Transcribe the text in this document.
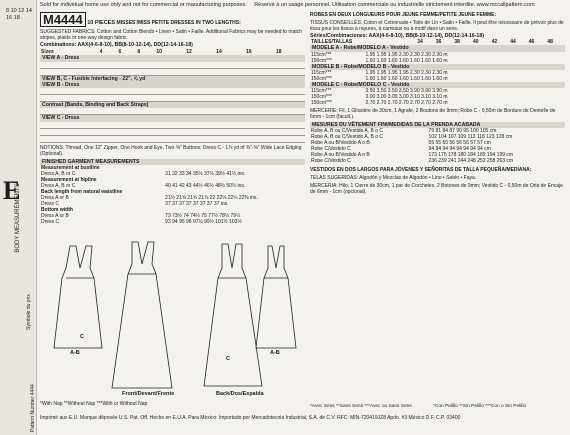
8 10 12 14 16 18
BODY MEASUREMENTS
E
Symbole du prix
Pattern Number 4444
Sold for individual home use only and not for commercial or manufacturing purposes. Réservé à un usage personnel. Utilisation commerciale ou industrielle strictement interdite. www.mccallpattern.com
M4444 10 PIECES MISSES'/MISS PETITE DRESSES IN TWO LENGTHS:
SUGGESTED FABRICS: Cotton and Cotton Blends • Linen • Satin • Faille. Additional Fabrics may be needed to match stripes, plaids or one-way design fabric.
Combinations: AAX(4-6-8-10), BB(8-10-12-14), DD(12-14-16-18)
Sizes	4	6	8	10	12	14	16	18
VIEW A - Dress
VIEW B, C - Fusible Interfacing - 22", ⅝ yd
VIEW B - Dress
Contrast (Bands, Binding and Back Straps)
VIEW C - Dress
NOTIONS: Thread, One 12" Zipper, One Hook and Eye, Two ⅝" Buttons; Dress C - 1⅞ yd of ⅜"-⅝" Wide Lace Edging (Optional).
FINISHED GARMENT MEASUREMENTS
Measurement at bustline	
Dress A, B or C	31 32 33 34 35½ 37½ 39½ 41½ ins.
Measurement at hipline	
Dress A, B or C	40 41 42 43 44½ 46½ 48½ 50½ ins.
Back length from natural waistline	
Dress A or B	21½ 21⅝ 21¾ 21⅞ 22 22⅛ 22¼ 22⅜ ins.
Dress C	37 37 37 37 37 37 37 37 ins.
Bottom width	
Dress A or B	73 73½ 74 74½ 75 77½ 78½ 79½
Dress C	93 94 95 96 97½ 99½ 101½ 103½
A-B
C
Front/Devant/Frente	Back/Dos/Espalda
A-B
C
*With Nap **Without Nap ***With or Without Nap
ROBES EN DEUX LONGUEURS POUR JEUNE FEMME/PETITE JEUNE FEMME:
TISSUS CONSEILLÉS: Coton et Cotonnade • Toile de Lin • Satin • Faille. Il peut être nécessaire de prévoir plus de tissu pour les tissus à rayures, à carreaux ou à motif dans un sens.
Séries/Combinaciones: AAX(4-6-8-10), BB(8-10-12-14), DD(12-14-16-18)
TAILLES/TALLAS	34	36	38	40	42	44	46	48
MODELE A - Robe/MODELO A - Vestido
115cm***	1.95 1.95 1.95 2.30 2.30 2.30 2.30 m
150cm***	1.60 1.60 1.60 1.60 1.60 1.60 1.60 m
MODELE B - Robe/MODELO B - Vestido
115cm***	1.95 1.95 1.95 1.95 2.30 2.30 2.30 m
150cm***	1.60 1.60 1.60 1.60 1.60 1.60 1.60 m
MODELE C - Robe/MODELO C - Vestido
115cm***	3.50 3.50 3.50 3.50 3.90 3.90 3.90 m
150cm***	3.00 3.00 3.00 3.00 3.10 3.10 3.10 m
150cm***	2.70 2.70 2.70 2.70 2.70 2.70 2.70 m
MERCERIE: Fil, 1 Glissière de 30cm, 1 Agrafe, 2 Boutons de 9mm; Robe C - 0,50m de Bordure de Dentelle de 6mm - 1cm (facult.).
MESURES DU VÊTEMENT FINI/MEDIDAS DE LA PRENDA ACABADA
Robe A, B ou C/Vestido A, B o C	79 81 84 87 90 95 100 105 cm
Robe A, B ou C/Vestido A, B o C	102 104 107 109 113 118 123 128 cm
Robe A ou B/Vestido A o B	55 55 55 56 56 56 57 57 cm
Robe C/Vestido C	94 94 94 94 94 94 94 94 cm
Robe A ou B/Vestido A o B	173 175 178 180 184 189 194 199 cm
Robe C/Vestido C	236 239 241 244 248 253 258 263 cm
VESTIDOS EN DOS LARGOS PARA JÓVENES Y SEÑORITAS DE TALLA PEQUEÑA/MEDIANA:
TELAS SUGERIDAS: Algodón y Mezclas de Algodón • Lino • Satén • Faya.
MERCERIA: Hilo, 1 Cierre de 30cm, 1 par de Corchetes, 2 Botones de 9mm; Vestido C - 0,50m de Orla de Encaje de 6mm - 1cm (opcional).
*Avec Sens **Sans Sens ***Avec ou Sans Sens	*Con Pelillo **Sin Pelillo ***Con o Sin Pelillo
Imprimé aux E.U. Marque déposée U.S. Pat. Off. Hecho en E.U.A. Para México: Importado por Mercadotecnia Industrial, S.A. de C.V. RFC: MIN-720419JZ8 Apdo. #3 México D.F. C.P. 03400
